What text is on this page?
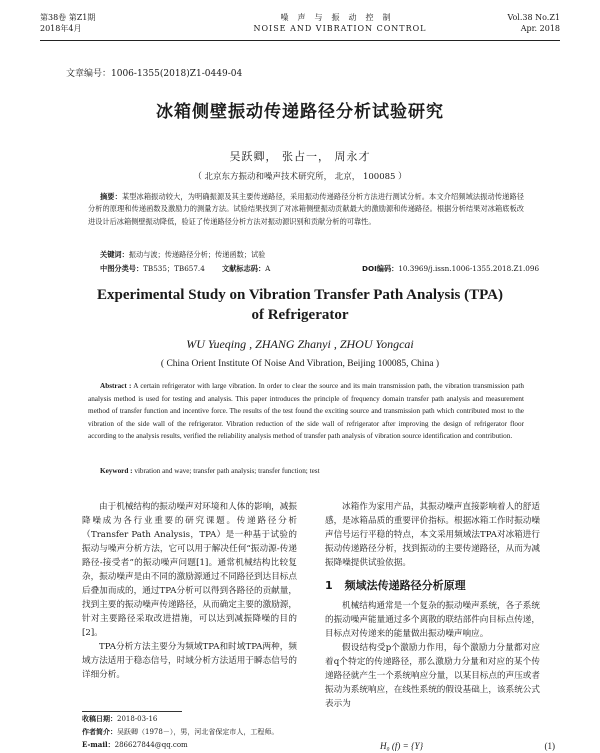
第38卷 第Z1期
2018年4月
噪声与振动控制
NOISE AND VIBRATION CONTROL
Vol.38 No.Z1
Apr. 2018
文章编号：1006-1355(2018)Z1-0449-04
冰箱侧壁振动传递路径分析试验研究
吴跃卿， 张占一， 周永才
（ 北京东方振动和噪声技术研究所， 北京， 100085 ）
摘要：某型冰箱振动较大，为明确振源及其主要传递路径，采用振动传递路径分析方法进行测试分析。本文介绍频域法振动传递路径分析的原理和传递函数及激励力的测量方法。试验结果找到了对冰箱侧壁振动贡献最大的激励源和传递路径。根据分析结果对冰箱底板改进设计后冰箱侧壁振动降低，验证了传递路径分析方法对振动源识别和贡献分析的可靠性。
关键词：振动与波；传递路径分析；传递函数；试验
中图分类号：TB535；TB657.4 文献标志码：A	DOI编码：10.3969/j.issn.1006-1355.2018.Z1.096
Experimental Study on Vibration Transfer Path Analysis (TPA)
of Refrigerator
WU Yueqing , ZHANG Zhanyi , ZHOU Yongcai
( China Orient Institute Of Noise And Vibration, Beijing 100085, China )
Abstract : A certain refrigerator with large vibration. In order to clear the source and its main transmission path, the vibration transmission path analysis method is used for testing and analysis. This paper introduces the principle of frequency domain transfer path analysis and measurement method of transfer function and incentive force. The results of the test found the exciting source and transmission path which contributed most to the vibration of the side wall of the refrigerator. Vibration reduction of the side wall of refrigerator after improving the design of refrigerator floor according to the analysis results, verified the reliability analysis method of transfer path analysis of vibration source identification and contribution.
Keyword : vibration and wave; transfer path analysis; transfer function; test

由于机械结构的振动噪声对环境和人体的影响，减振降噪成为各行业重要的研究课题。传递路径分析（Transfer Path Analysis，TPA）是一种基于试验的振动与噪声分析方法，它可以用于解决任何“振动源-传递路径-接受者”的振动噪声问题[1]。通常机械结构比较复杂，振动噪声是由不同的激励源通过不同路径到达目标点后叠加而成的，通过TPA分析可以得到各路径的贡献量，找到主要的振动噪声传递路径，从而确定主要的激励源，针对主要路径采取改进措施，可以达到减振降噪的目的[2]。

TPA分析方法主要分为频域TPA和时域TPA两种，频域方法适用于稳态信号，时域分析方法适用于瞬态信号的详细分析。

收稿日期：2018-03-16
作者简介：吴跃卿（1978－），男，河北省保定市人，工程师。
E-mail：286627844@qq.com

冰箱作为家用产品，其振动噪声直接影响着人的舒适感，是冰箱品质的重要评价指标。根据冰箱工作时振动噪声信号运行平稳的特点，本文采用频域法TPA对冰箱进行振动传递路径分析，找到振动的主要传递路径，从而为减振降噪提供试验依据。

1 频域法传递路径分析原理

机械结构通常是一个复杂的振动噪声系统，各子系统的振动噪声能量通过多个离散的联结部件向目标点传递，目标点对传递来的能量做出振动噪声响应。

假设结构受p个激励力作用，每个激励力分量都对应着q个特定的传递路径，那么激励力分量和对应的某个传递路径就产生一个系统响应分量，以某目标点的声压或者振动为系统响应，在线性系统的假设基础上，该系统公式表示为

H₀ (f) = {Y}	(1)
